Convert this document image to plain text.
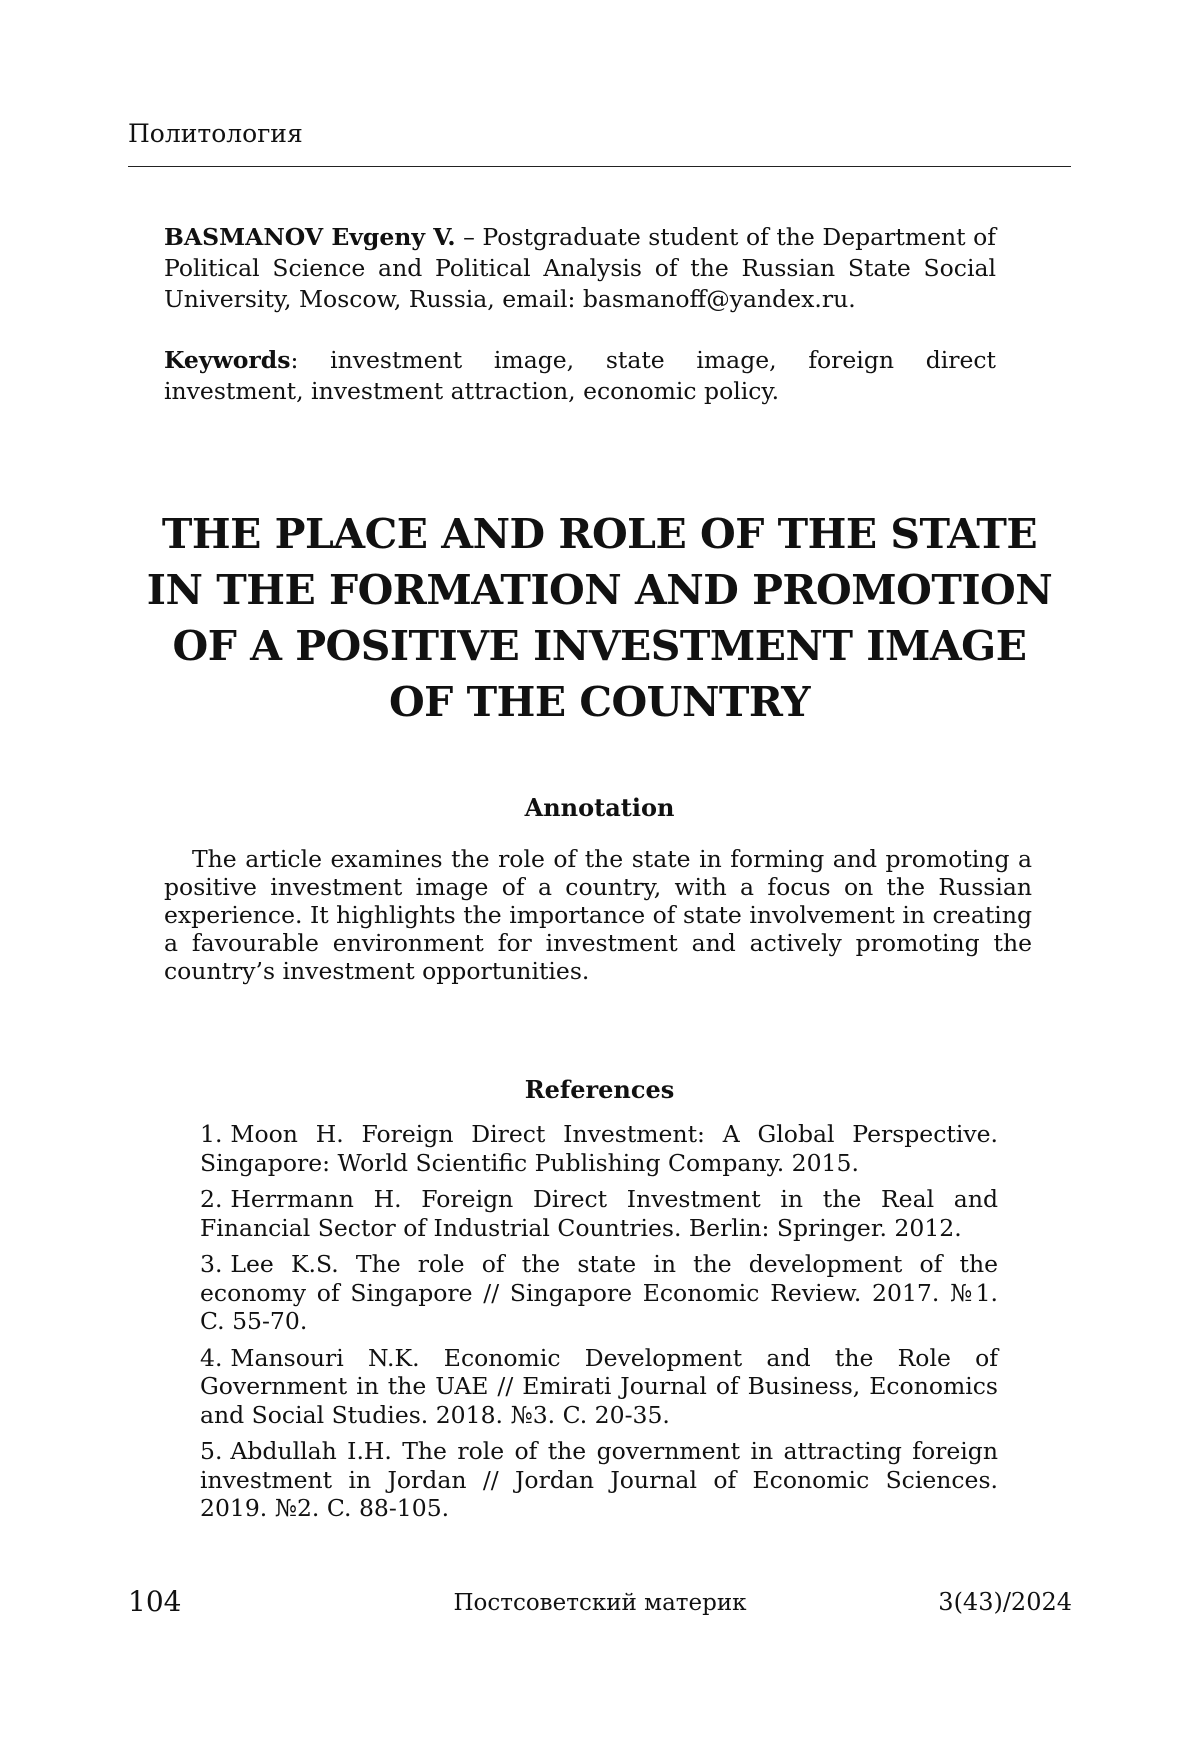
Политология
BASMANOV Evgeny V. – Postgraduate student of the Department of Political Science and Political Analysis of the Russian State Social University, Moscow, Russia, email: basmanoff@yandex.ru.
Keywords: investment image, state image, foreign direct investment, investment attraction, economic policy.
THE PLACE AND ROLE OF THE STATE
IN THE FORMATION AND PROMOTION
OF A POSITIVE INVESTMENT IMAGE
OF THE COUNTRY
Annotation
The article examines the role of the state in forming and promoting a positive investment image of a country, with a focus on the Russian experience. It highlights the importance of state involvement in creating a favourable environment for investment and actively promoting the country’s investment opportunities.
References
1. Moon H. Foreign Direct Investment: A Global Perspective. Singapore: World Scientific Publishing Company. 2015.
2. Herrmann H. Foreign Direct Investment in the Real and Financial Sector of Industrial Countries. Berlin: Springer. 2012.
3. Lee K.S. The role of the state in the development of the economy of Singapore // Singapore Economic Review. 2017. №1. C. 55-70.
4. Mansouri N.K. Economic Development and the Role of Government in the UAE // Emirati Journal of Business, Economics and Social Studies. 2018. №3. C. 20-35.
5. Abdullah I.H. The role of the government in attracting foreign investment in Jordan // Jordan Journal of Economic Sciences. 2019. №2. C. 88-105.
104	Постсоветский материк	3(43)/2024
